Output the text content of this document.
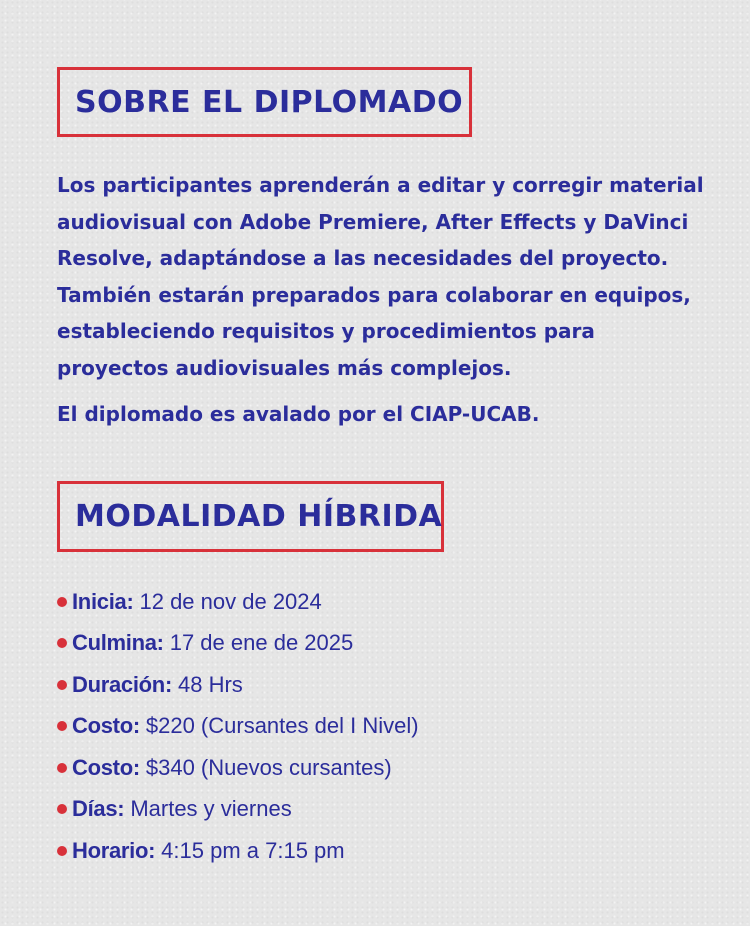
SOBRE EL DIPLOMADO

Los participantes aprenderán a editar y corregir material audiovisual con Adobe Premiere, After Effects y DaVinci Resolve, adaptándose a las necesidades del proyecto. También estarán preparados para colaborar en equipos, estableciendo requisitos y procedimientos para proyectos audiovisuales más complejos.

El diplomado es avalado por el CIAP-UCAB.

MODALIDAD HÍBRIDA
Inicia: 12 de nov de 2024
Culmina: 17 de ene de 2025
Duración: 48 Hrs
Costo: $220 (Cursantes del I Nivel)
Costo: $340 (Nuevos cursantes)
Días: Martes y viernes
Horario: 4:15 pm a 7:15 pm
